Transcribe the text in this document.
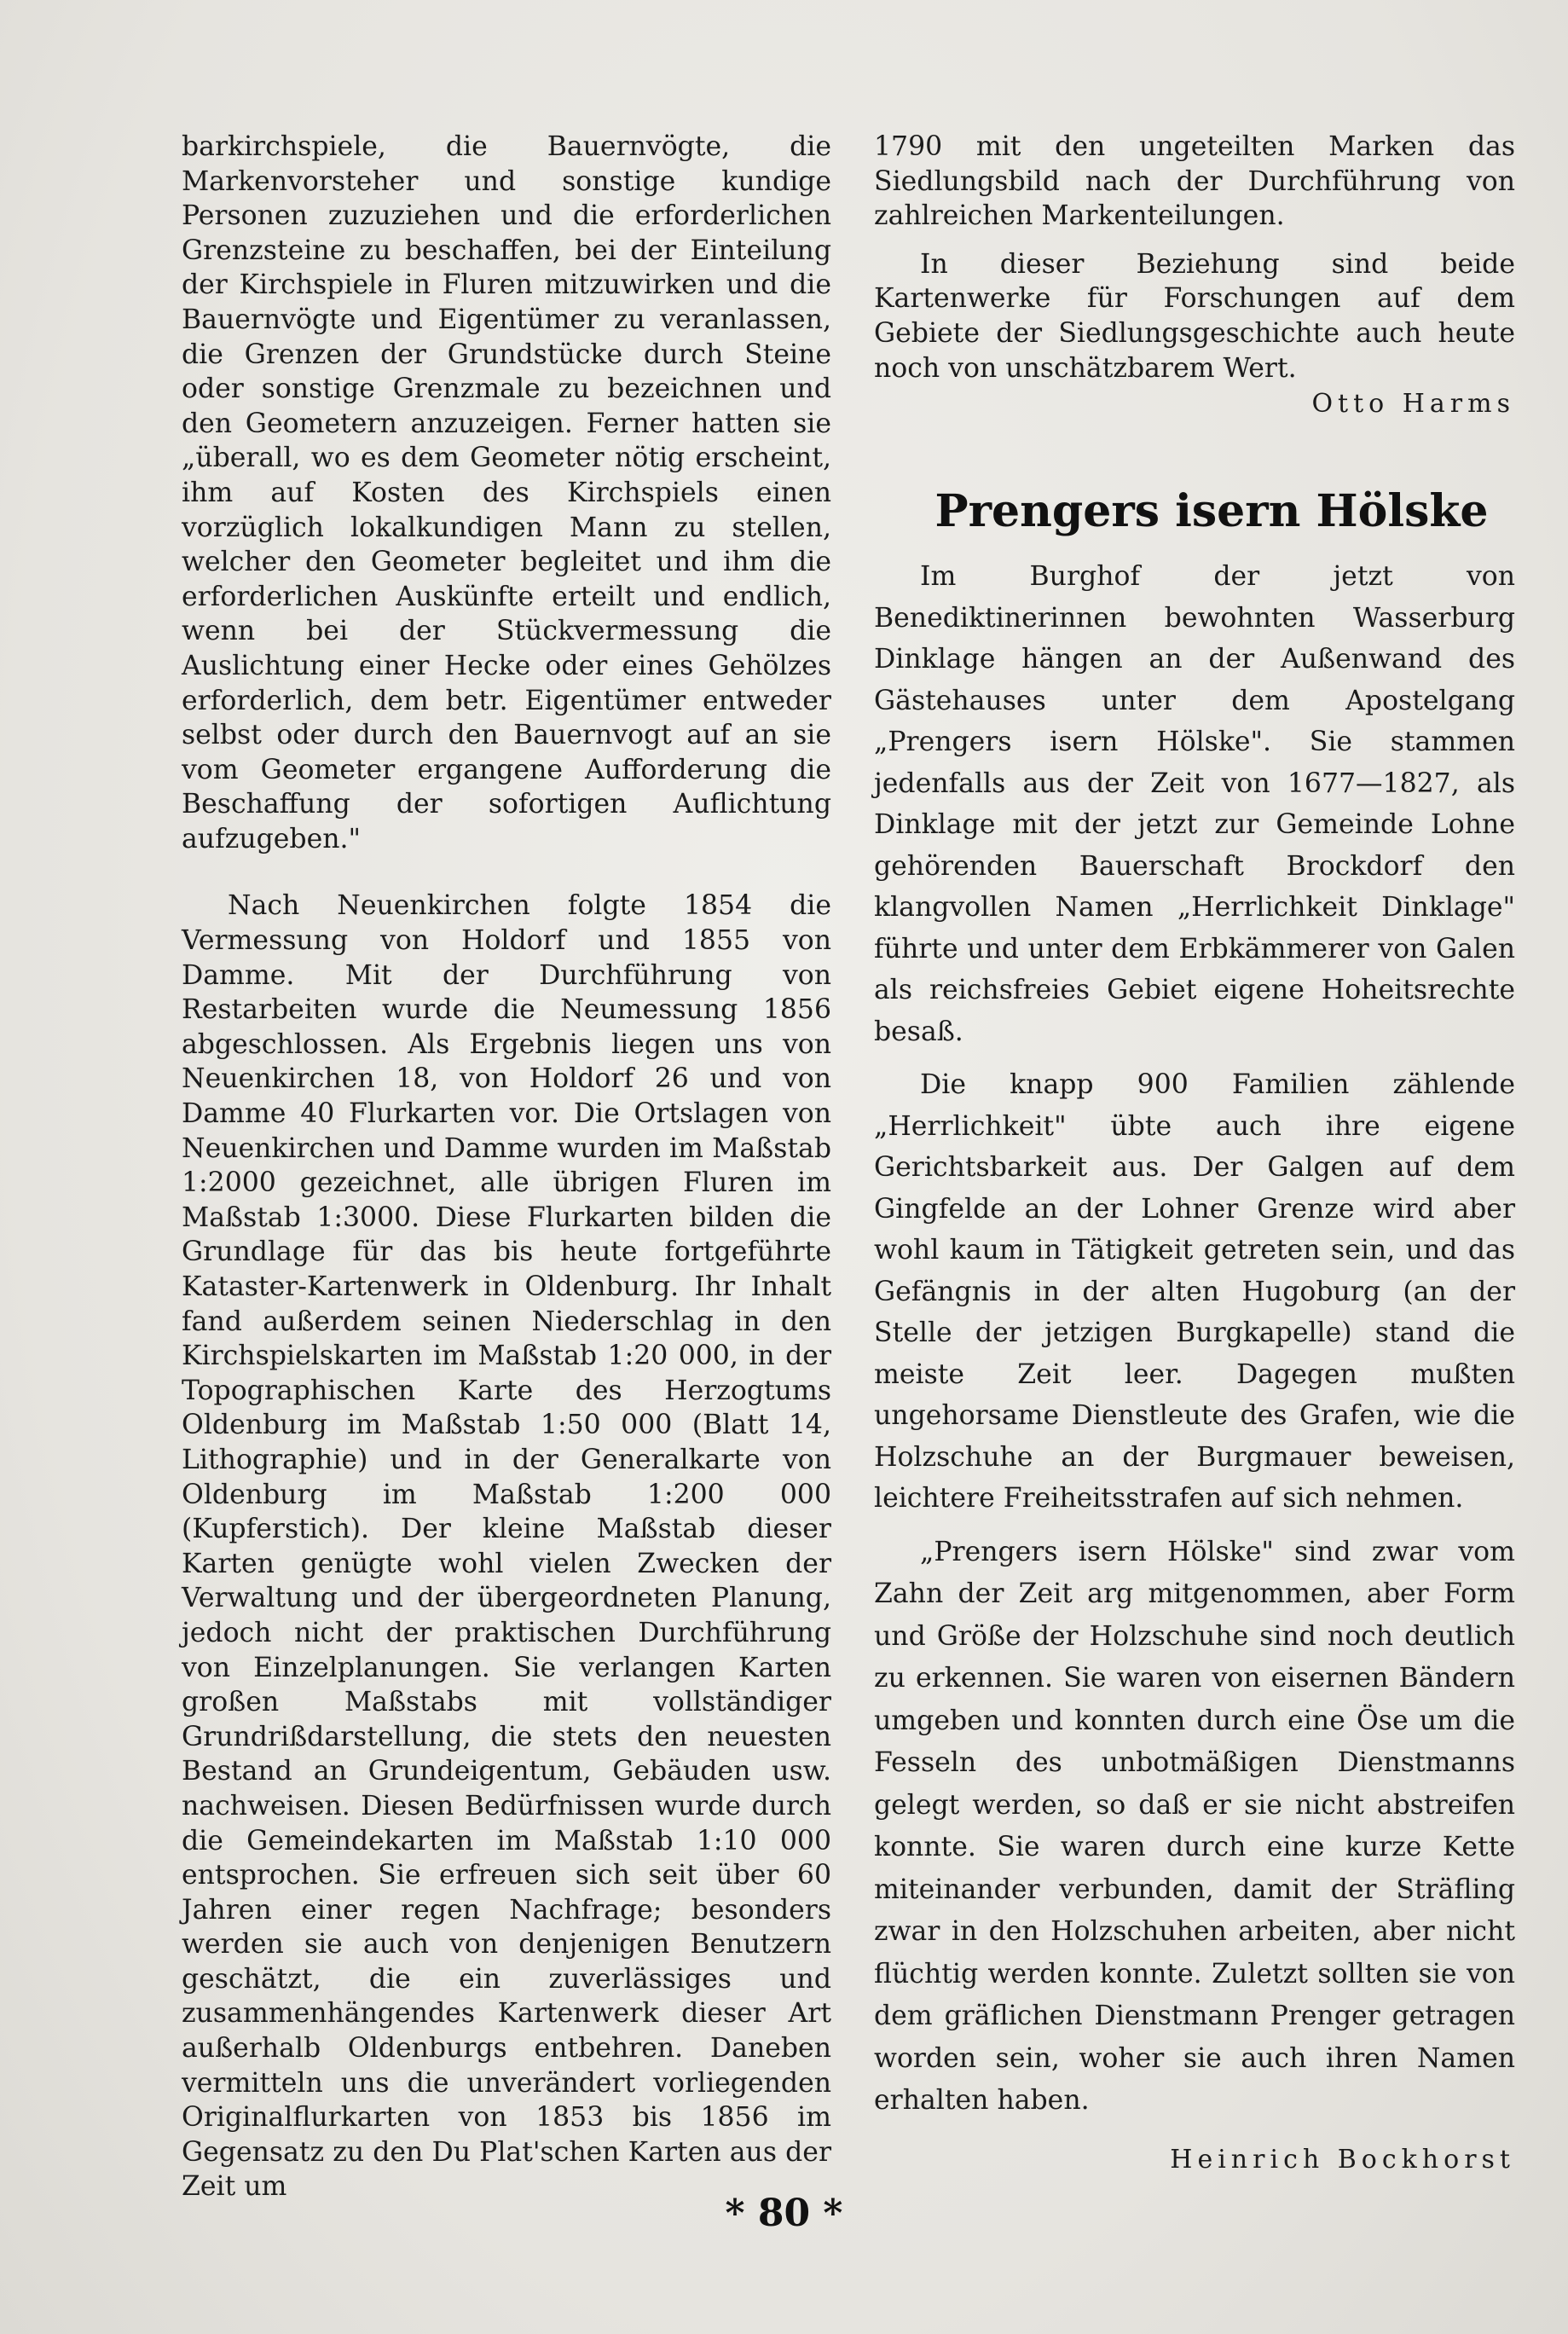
barkirchspiele, die Bauernvögte, die Markenvorsteher und sonstige kundige Personen zuzuziehen und die erforderlichen Grenzsteine zu beschaffen, bei der Einteilung der Kirchspiele in Fluren mitzuwirken und die Bauernvögte und Eigentümer zu veranlassen, die Grenzen der Grundstücke durch Steine oder sonstige Grenzmale zu bezeichnen und den Geometern anzuzeigen. Ferner hatten sie „überall, wo es dem Geometer nötig erscheint, ihm auf Kosten des Kirchspiels einen vorzüglich lokalkundigen Mann zu stellen, welcher den Geometer begleitet und ihm die erforderlichen Auskünfte erteilt und endlich, wenn bei der Stückvermessung die Auslichtung einer Hecke oder eines Gehölzes erforderlich, dem betr. Eigentümer entweder selbst oder durch den Bauernvogt auf an sie vom Geometer ergangene Aufforderung die Beschaffung der sofortigen Auflichtung aufzugeben."

Nach Neuenkirchen folgte 1854 die Vermessung von Holdorf und 1855 von Damme. Mit der Durchführung von Restarbeiten wurde die Neumessung 1856 abgeschlossen. Als Ergebnis liegen uns von Neuenkirchen 18, von Holdorf 26 und von Damme 40 Flurkarten vor. Die Ortslagen von Neuenkirchen und Damme wurden im Maßstab 1:2000 gezeichnet, alle übrigen Fluren im Maßstab 1:3000. Diese Flurkarten bilden die Grundlage für das bis heute fortgeführte Kataster-Kartenwerk in Oldenburg. Ihr Inhalt fand außerdem seinen Niederschlag in den Kirchspielskarten im Maßstab 1:20 000, in der Topographischen Karte des Herzogtums Oldenburg im Maßstab 1:50 000 (Blatt 14, Lithographie) und in der Generalkarte von Oldenburg im Maßstab 1:200 000 (Kupferstich). Der kleine Maßstab dieser Karten genügte wohl vielen Zwecken der Verwaltung und der übergeordneten Planung, jedoch nicht der praktischen Durchführung von Einzelplanungen. Sie verlangen Karten großen Maßstabs mit vollständiger Grundrißdarstellung, die stets den neuesten Bestand an Grundeigentum, Gebäuden usw. nachweisen. Diesen Bedürfnissen wurde durch die Gemeindekarten im Maßstab 1:10 000 entsprochen. Sie erfreuen sich seit über 60 Jahren einer regen Nachfrage; besonders werden sie auch von denjenigen Benutzern geschätzt, die ein zuverlässiges und zusammenhängendes Kartenwerk dieser Art außerhalb Oldenburgs entbehren. Daneben vermitteln uns die unverändert vorliegenden Originalflurkarten von 1853 bis 1856 im Gegensatz zu den Du Plat'schen Karten aus der Zeit um

1790 mit den ungeteilten Marken das Siedlungsbild nach der Durchführung von zahlreichen Markenteilungen.

In dieser Beziehung sind beide Kartenwerke für Forschungen auf dem Gebiete der Siedlungsgeschichte auch heute noch von unschätzbarem Wert.

Otto Harms
Prengers isern Hölske

Im Burghof der jetzt von Benediktinerinnen bewohnten Wasserburg Dinklage hängen an der Außenwand des Gästehauses unter dem Apostelgang „Prengers isern Hölske". Sie stammen jedenfalls aus der Zeit von 1677—1827, als Dinklage mit der jetzt zur Gemeinde Lohne gehörenden Bauerschaft Brockdorf den klangvollen Namen „Herrlichkeit Dinklage" führte und unter dem Erbkämmerer von Galen als reichsfreies Gebiet eigene Hoheitsrechte besaß.

Die knapp 900 Familien zählende „Herrlichkeit" übte auch ihre eigene Gerichtsbarkeit aus. Der Galgen auf dem Gingfelde an der Lohner Grenze wird aber wohl kaum in Tätigkeit getreten sein, und das Gefängnis in der alten Hugoburg (an der Stelle der jetzigen Burgkapelle) stand die meiste Zeit leer. Dagegen mußten ungehorsame Dienstleute des Grafen, wie die Holzschuhe an der Burgmauer beweisen, leichtere Freiheitsstrafen auf sich nehmen.

„Prengers isern Hölske" sind zwar vom Zahn der Zeit arg mitgenommen, aber Form und Größe der Holzschuhe sind noch deutlich zu erkennen. Sie waren von eisernen Bändern umgeben und konnten durch eine Öse um die Fesseln des unbotmäßigen Dienstmanns gelegt werden, so daß er sie nicht abstreifen konnte. Sie waren durch eine kurze Kette miteinander verbunden, damit der Sträfling zwar in den Holzschuhen arbeiten, aber nicht flüchtig werden konnte. Zuletzt sollten sie von dem gräflichen Dienstmann Prenger getragen worden sein, woher sie auch ihren Namen erhalten haben.

Heinrich Bockhorst
* 80 *
